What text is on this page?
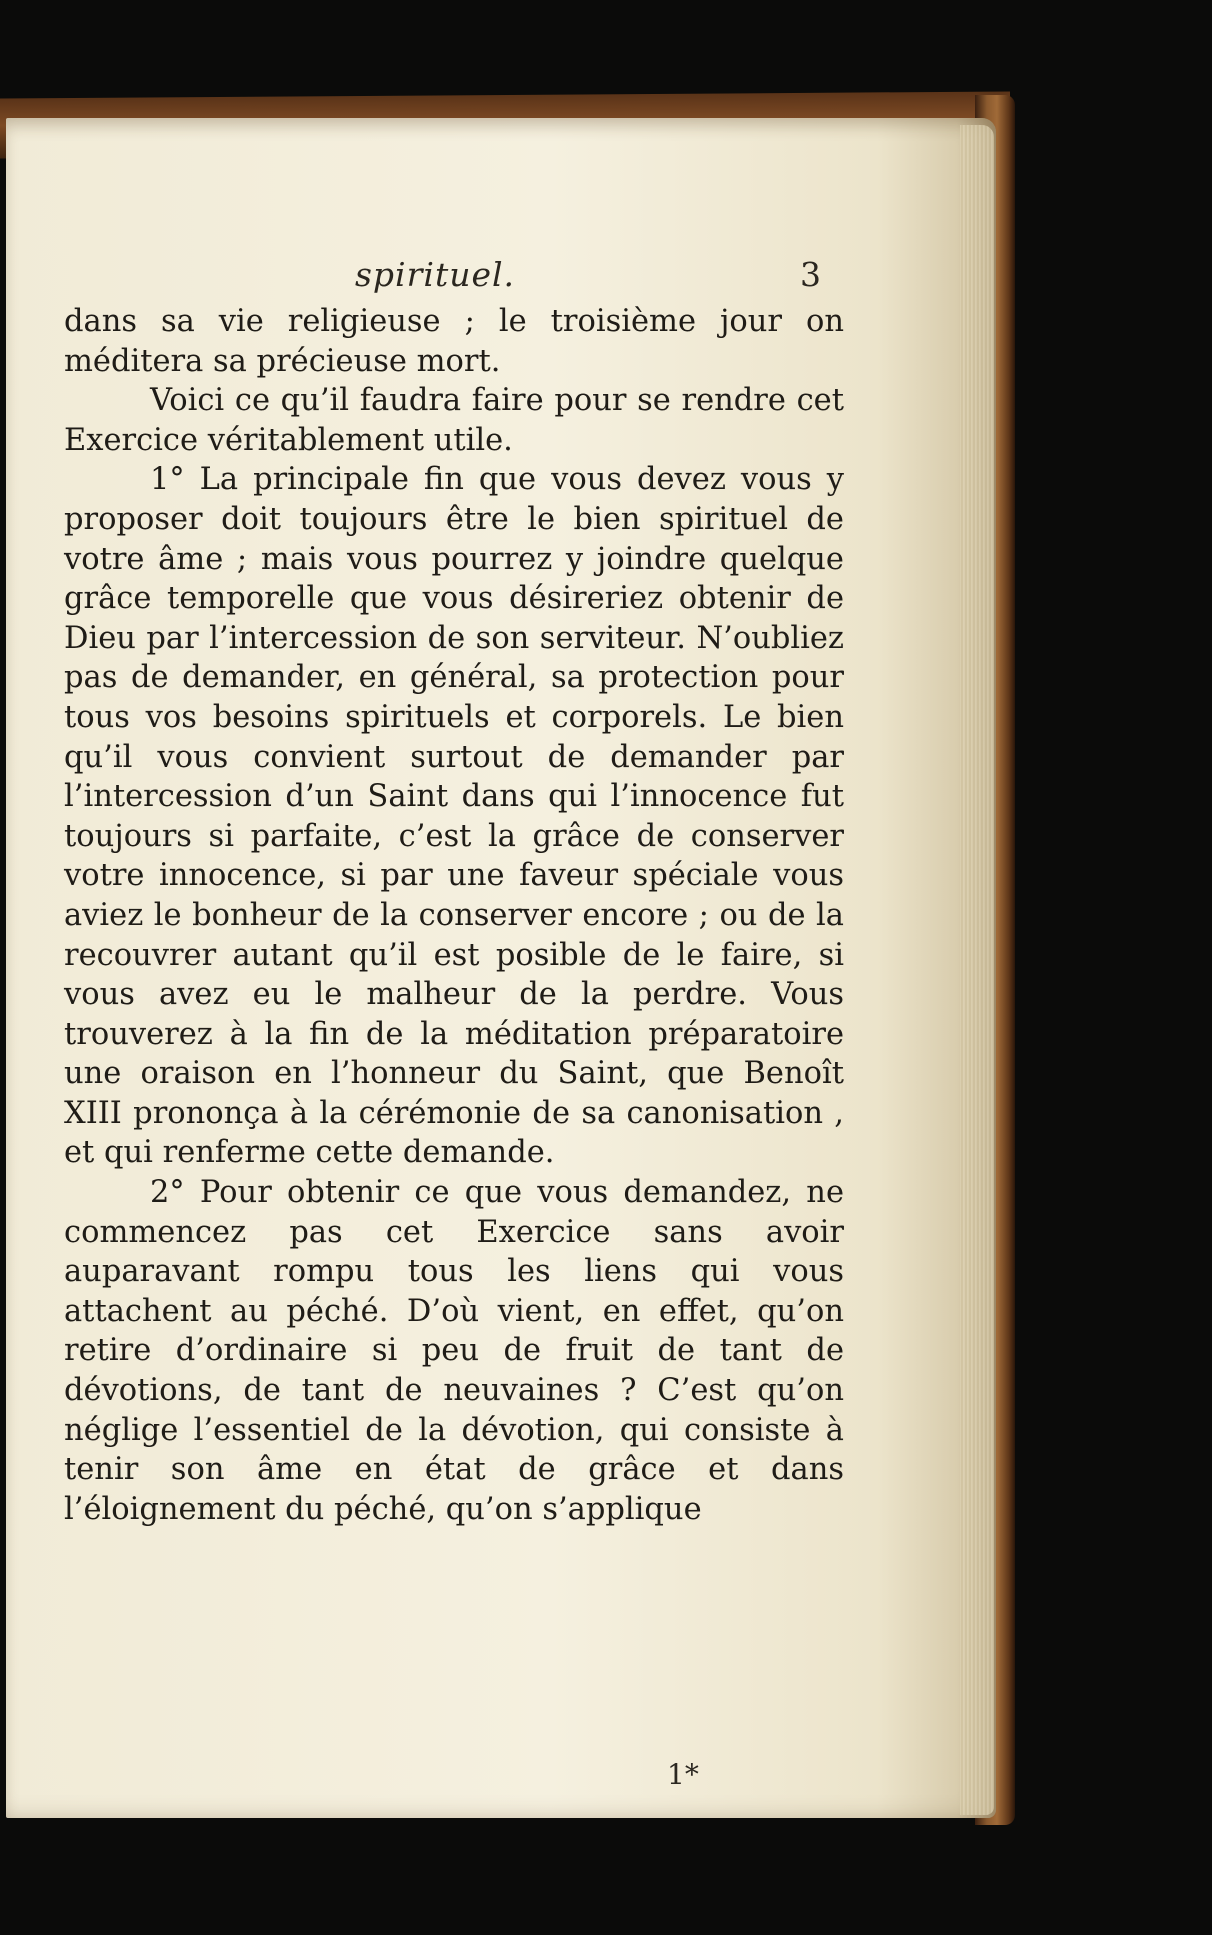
spirituel.	3

dans sa vie religieuse ; le troisième jour on méditera sa précieuse mort.

Voici ce qu’il faudra faire pour se rendre cet Exercice véritablement utile.

1° La principale fin que vous devez vous y proposer doit toujours être le bien spirituel de votre âme ; mais vous pourrez y joindre quelque grâce temporelle que vous désireriez obtenir de Dieu par l’intercession de son serviteur. N’oubliez pas de demander, en général, sa protection pour tous vos besoins spirituels et corporels. Le bien qu’il vous convient surtout de demander par l’intercession d’un Saint dans qui l’innocence fut toujours si parfaite, c’est la grâce de conserver votre innocence, si par une faveur spéciale vous aviez le bonheur de la conserver encore ; ou de la recouvrer autant qu’il est posible de le faire, si vous avez eu le malheur de la perdre. Vous trouverez à la fin de la méditation préparatoire une oraison en l’honneur du Saint, que Benoît XIII prononça à la cérémonie de sa canonisation , et qui renferme cette demande.

2° Pour obtenir ce que vous demandez, ne commencez pas cet Exercice sans avoir auparavant rompu tous les liens qui vous attachent au péché. D’où vient, en effet, qu’on retire d’ordinaire si peu de fruit de tant de dévotions, de tant de neuvaines ? C’est qu’on néglige l’essentiel de la dévotion, qui consiste à tenir son âme en état de grâce et dans l’éloignement du péché, qu’on s’applique

1*
